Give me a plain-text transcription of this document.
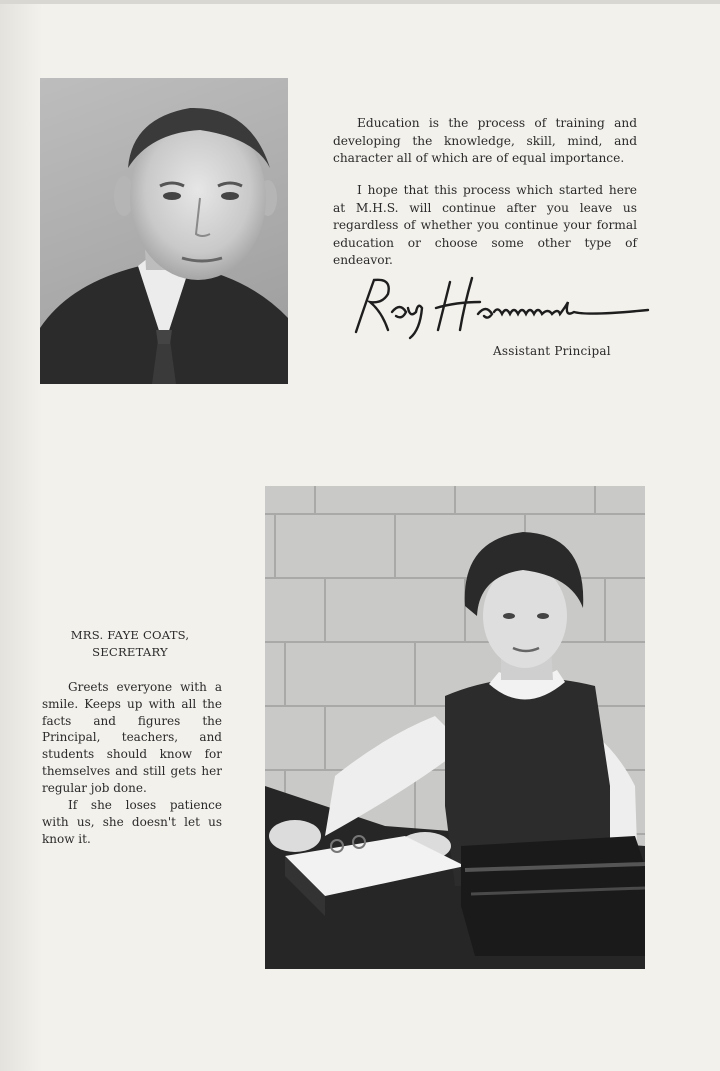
Education is the process of training and developing the knowledge, skill, mind, and character all of which are of equal importance.

I hope that this process which started here at M.H.S. will continue after you leave us regardless of whether you continue your formal education or choose some other type of endeavor.

Assistant Principal
MRS. FAYE COATS,
SECRETARY

Greets everyone with a smile. Keeps up with all the facts and figures the Principal, teachers, and students should know for themselves and still gets her regular job done.

If she loses patience with us, she doesn't let us know it.
